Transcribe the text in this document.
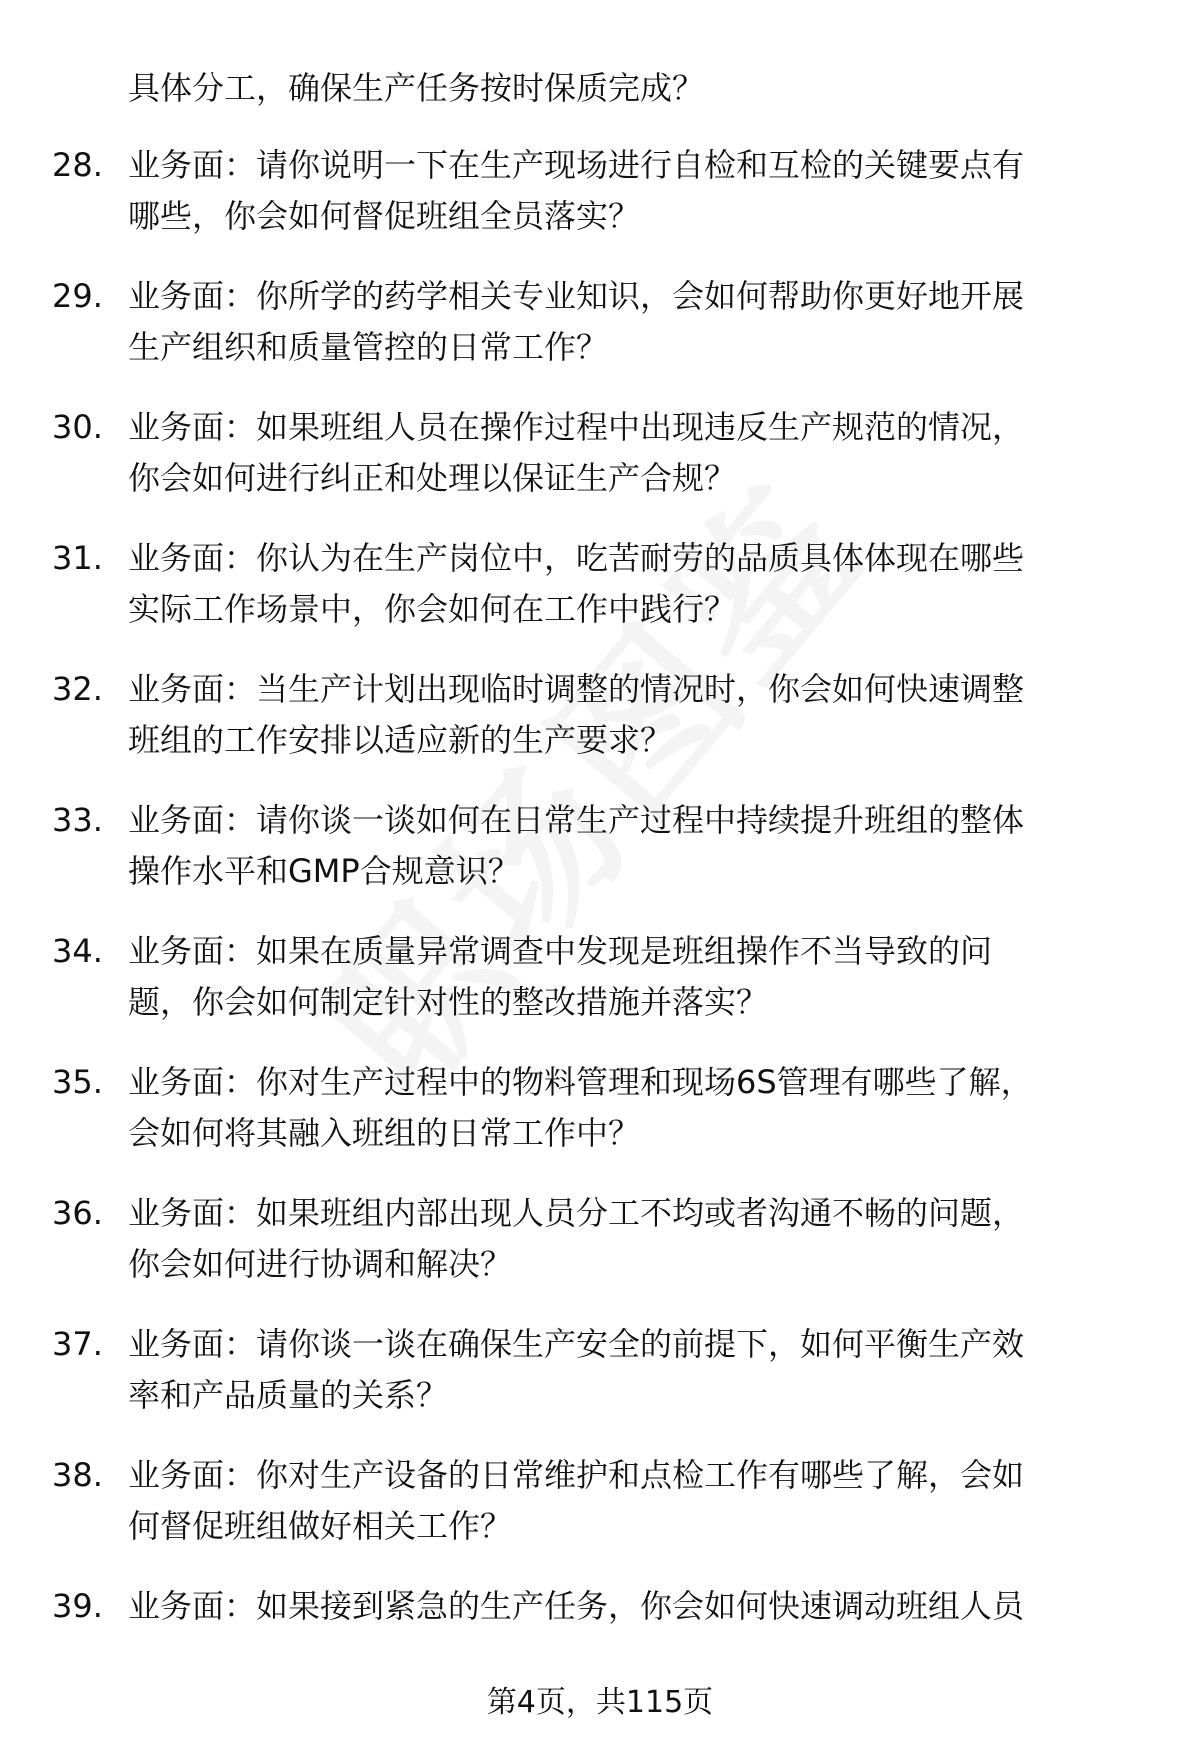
具体分工，确保生产任务按时保质完成？
28. 业务面：请你说明一下在生产现场进行自检和互检的关键要点有
哪些，你会如何督促班组全员落实？
29. 业务面：你所学的药学相关专业知识，会如何帮助你更好地开展
生产组织和质量管控的日常工作？
30. 业务面：如果班组人员在操作过程中出现违反生产规范的情况，
你会如何进行纠正和处理以保证生产合规？
31. 业务面：你认为在生产岗位中，吃苦耐劳的品质具体体现在哪些
实际工作场景中，你会如何在工作中践行？
32. 业务面：当生产计划出现临时调整的情况时，你会如何快速调整
班组的工作安排以适应新的生产要求？
33. 业务面：请你谈一谈如何在日常生产过程中持续提升班组的整体
操作水平和GMP合规意识？
34. 业务面：如果在质量异常调查中发现是班组操作不当导致的问
题，你会如何制定针对性的整改措施并落实？
35. 业务面：你对生产过程中的物料管理和现场6S管理有哪些了解，
会如何将其融入班组的日常工作中？
36. 业务面：如果班组内部出现人员分工不均或者沟通不畅的问题，
你会如何进行协调和解决？
37. 业务面：请你谈一谈在确保生产安全的前提下，如何平衡生产效
率和产品质量的关系？
38. 业务面：你对生产设备的日常维护和点检工作有哪些了解，会如
何督促班组做好相关工作？
39. 业务面：如果接到紧急的生产任务，你会如何快速调动班组人员
第4页，共115页
